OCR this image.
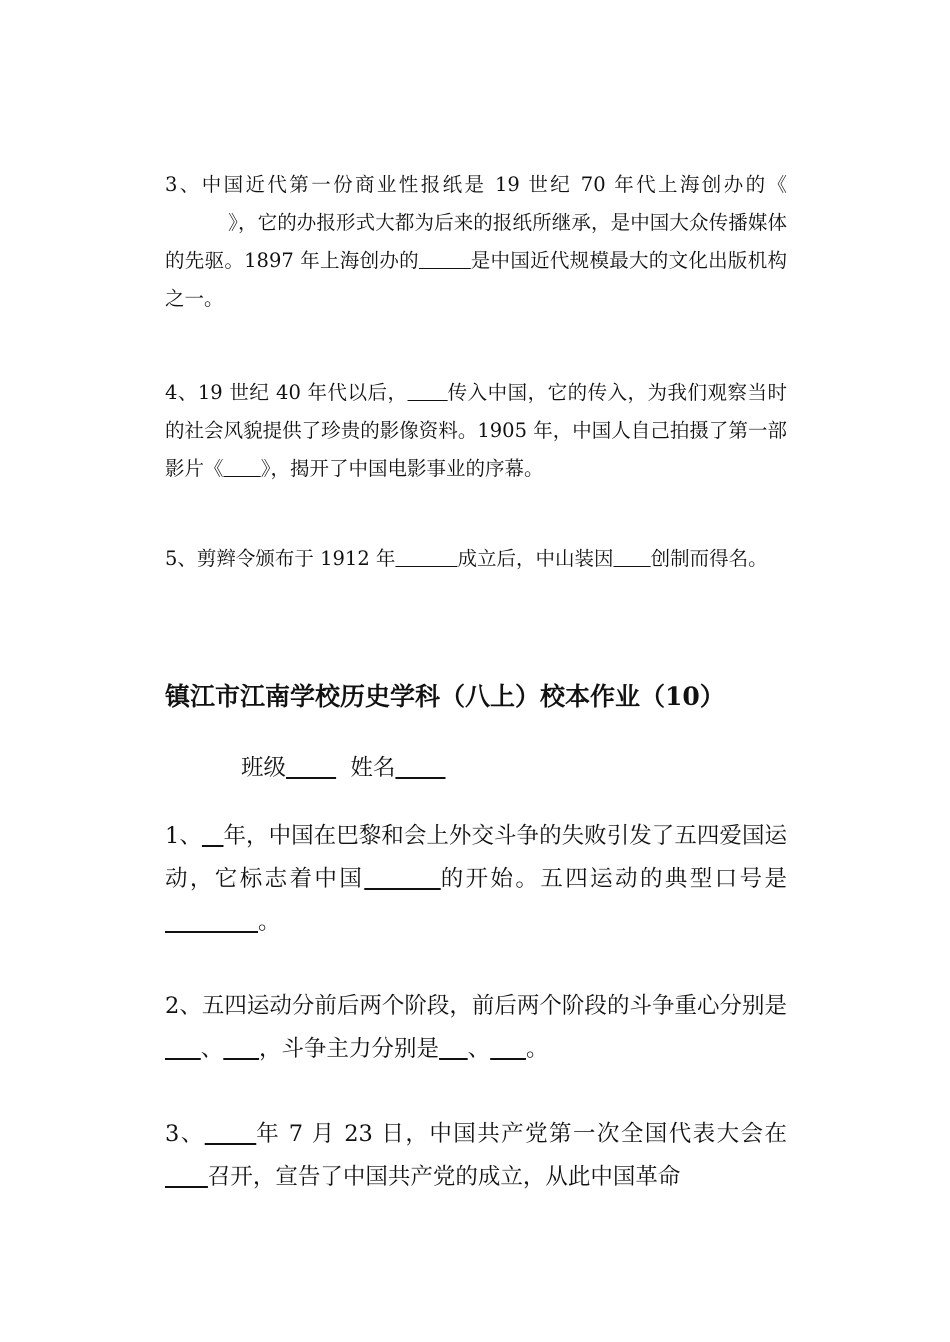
3、中国近代第一份商业性报纸是 19 世纪 70 年代上海创办的《          》，它的办报形式大都为后来的报纸所继承，是中国大众传播媒体的先驱。1897 年上海创办的	是中国近代规模最大的文化出版机构之一。

4、19 世纪 40 年代以后， 传入中国，它的传入，为我们观察当时的社会风貌提供了珍贵的影像资料。1905 年，中国人自己拍摄了第一部影片《 》，揭开了中国电影事业的序幕。

5、剪辫令颁布于 1912 年	成立后，中山装因 创制而得名。

镇江市江南学校历史学科（八上）校本作业（10）
班级	姓名

1、 年，中国在巴黎和会上外交斗争的失败引发了五四爱国运动，它标志着中国	的开始。五四运动的典型口号是             。

2、五四运动分前后两个阶段，前后两个阶段的斗争重心分别是     、 ，斗争主力分别是 、 。

3、 年 7 月 23 日，中国共产党第一次全国代表大会在      召开，宣告了中国共产党的成立，从此中国革命
